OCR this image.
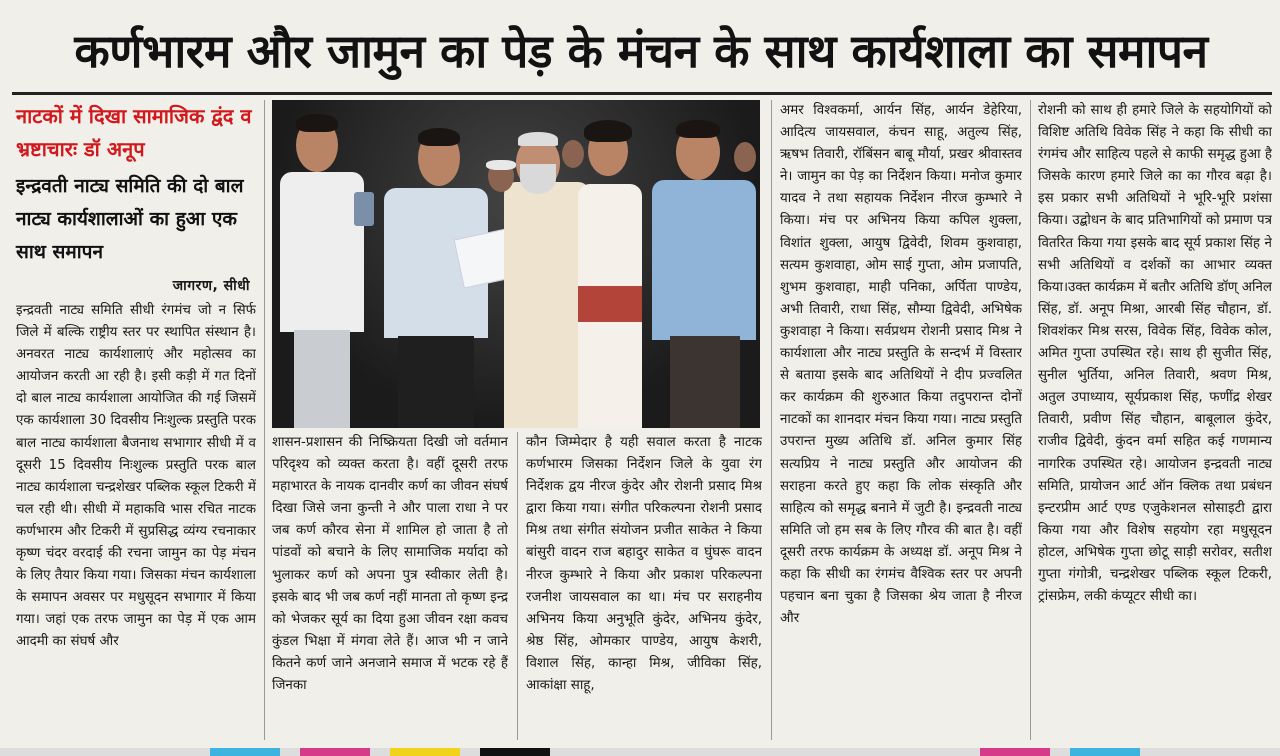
कर्णभारम और जामुन का पेड़ के मंचन के साथ कार्यशाला का समापन
नाटकों में दिखा सामाजिक द्वंद व भ्रष्टाचारः डॉ अनूप
इन्द्रवती नाट्य समिति की दो बाल नाट्य कार्यशालाओं का हुआ एक साथ समापन
जागरण, सीधी

इन्द्रवती नाट्य समिति सीधी रंगमंच जो न सिर्फ जिले में बल्कि राष्ट्रीय स्तर पर स्थापित संस्थान है। अनवरत नाट्य कार्यशालाएं और महोत्सव का आयोजन करती आ रही है। इसी कड़ी में गत दिनों दो बाल नाट्य कार्यशाला आयोजित की गई जिसमें एक कार्यशाला 30 दिवसीय निःशुल्क प्रस्तुति परक बाल नाट्य कार्यशाला बैजनाथ सभागार सीधी में व दूसरी 15 दिवसीय निःशुल्क प्रस्तुति परक बाल नाट्य कार्यशाला चन्द्रशेखर पब्लिक स्कूल टिकरी में चल रही थी। सीधी में महाकवि भास रचित नाटक कर्णभारम और टिकरी में सुप्रसिद्ध व्यंग्य रचनाकार कृष्ण चंदर वरदाई की रचना जामुन का पेड़ मंचन के लिए तैयार किया गया। जिसका मंचन कार्यशाला के समापन अवसर पर मधुसूदन सभागार में किया गया। जहां एक तरफ जामुन का पेड़ में एक आम आदमी का संघर्ष और

शासन-प्रशासन की निष्क्रियता दिखी जो वर्तमान परिदृश्य को व्यक्त करता है। वहीं दूसरी तरफ महाभारत के नायक दानवीर कर्ण का जीवन संघर्ष दिखा जिसे जना कुन्ती ने और पाला राधा ने पर जब कर्ण कौरव सेना में शामिल हो जाता है तो पांडवों को बचाने के लिए सामाजिक मर्यादा को भुलाकर कर्ण को अपना पुत्र स्वीकार लेती है। इसके बाद भी जब कर्ण नहीं मानता तो कृष्ण इन्द्र को भेजकर सूर्य का दिया हुआ जीवन रक्षा कवच कुंडल भिक्षा में मंगवा लेते हैं। आज भी न जाने कितने कर्ण जाने अनजाने समाज में भटक रहे हैं जिनका

कौन जिम्मेदार है यही सवाल करता है नाटक कर्णभारम जिसका निर्देशन जिले के युवा रंग निर्देशक द्वय नीरज कुंदेर और रोशनी प्रसाद मिश्र द्वारा किया गया। संगीत परिकल्पना रोशनी प्रसाद मिश्र तथा संगीत संयोजन प्रजीत साकेत ने किया बांसुरी वादन राज बहादुर साकेत व घुंघरू वादन नीरज कुम्भारे ने किया और प्रकाश परिकल्पना रजनीश जायसवाल का था। मंच पर सराहनीय अभिनय किया अनुभूति कुंदेर, अभिनय कुंदेर, श्रेष्ठ सिंह, ओमकार पाण्डेय, आयुष केशरी, विशाल सिंह, कान्हा मिश्र, जीविका सिंह, आकांक्षा साहू,

अमर विश्वकर्मा, आर्यन सिंह, आर्यन डेहेरिया, आदित्य जायसवाल, कंचन साहू, अतुल्य सिंह, ऋषभ तिवारी, रॉबिंसन बाबू मौर्या, प्रखर श्रीवास्तव ने। जामुन का पेड़ का निर्देशन किया। मनोज कुमार यादव ने तथा सहायक निर्देशन नीरज कुम्भारे ने किया। मंच पर अभिनय किया कपिल शुक्ला, विशांत शुक्ला, आयुष द्विवेदी, शिवम कुशवाहा, सत्यम कुशवाहा, ओम साई गुप्ता, ओम प्रजापति, शुभम कुशवाहा, माही पनिका, अर्पिता पाण्डेय, अभी तिवारी, राधा सिंह, सौम्या द्विवेदी, अभिषेक कुशवाहा ने किया। सर्वप्रथम रोशनी प्रसाद मिश्र ने कार्यशाला और नाट्य प्रस्तुति के सन्दर्भ में विस्तार से बताया इसके बाद अतिथियों ने दीप प्रज्वलित कर कार्यक्रम की शुरुआत किया तदुपरान्त दोनों नाटकों का शानदार मंचन किया गया। नाट्य प्रस्तुति उपरान्त मुख्य अतिथि डॉ. अनिल कुमार सिंह सत्यप्रिय ने नाट्य प्रस्तुति और आयोजन की सराहना करते हुए कहा कि लोक संस्कृति और साहित्य को समृद्ध बनाने में जुटी है। इन्द्रवती नाट्य समिति जो हम सब के लिए गौरव की बात है। वहीं दूसरी तरफ कार्यक्रम के अध्यक्ष डॉ. अनूप मिश्र ने कहा कि सीधी का रंगमंच वैश्विक स्तर पर अपनी पहचान बना चुका है जिसका श्रेय जाता है नीरज और

रोशनी को साथ ही हमारे जिले के सहयोगियों को विशिष्ट अतिथि विवेक सिंह ने कहा कि सीधी का रंगमंच और साहित्य पहले से काफी समृद्ध हुआ है जिसके कारण हमारे जिले का का गौरव बढ़ा है। इस प्रकार सभी अतिथियों ने भूरि-भूरि प्रशंसा किया। उद्बोधन के बाद प्रतिभागियों को प्रमाण पत्र वितरित किया गया इसके बाद सूर्य प्रकाश सिंह ने सभी अतिथियों व दर्शकों का आभार व्यक्त किया।उक्त कार्यक्रम में बतौर अतिथि डॉण् अनिल सिंह, डॉ. अनूप मिश्रा, आरबी सिंह चौहान, डॉ. शिवशंकर मिश्र सरस, विवेक सिंह, विवेक कोल, अमित गुप्ता उपस्थित रहे। साथ ही सुजीत सिंह, सुनील भुर्तिया, अनिल तिवारी, श्रवण मिश्र, अतुल उपाध्याय, सूर्यप्रकाश सिंह, फणींद्र शेखर तिवारी, प्रवीण सिंह चौहान, बाबूलाल कुंदेर, राजीव द्विवेदी, कुंदन वर्मा सहित कई गणमान्य नागरिक उपस्थित रहे। आयोजन इन्द्रवती नाट्य समिति, प्रायोजन आर्ट ऑन क्लिक तथा प्रबंधन इन्टरप्रीम आर्ट एण्ड एजुकेशनल सोसाइटी द्वारा किया गया और विशेष सहयोग रहा मधुसूदन होटल, अभिषेक गुप्ता छोटू साड़ी सरोवर, सतीश गुप्ता गंगोत्री, चन्द्रशेखर पब्लिक स्कूल टिकरी, ट्रांसफ्रेम, लकी कंप्यूटर सीधी का।
